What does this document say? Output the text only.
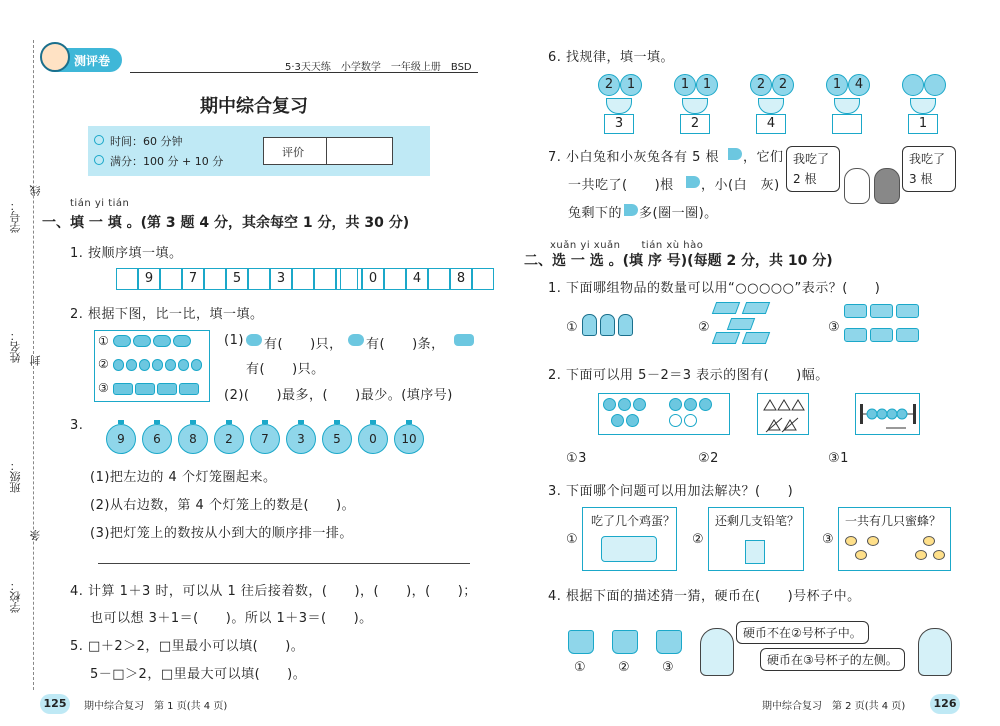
学号：
线
姓名： 封
班级：
条
学校：
测评卷	5·3天天练　小学数学　一年级上册　BSD
期中综合复习
时间：60 分钟
满分：100 分 + 10 分
评价
tián yi tián
一、填 一 填 。(第 3 题 4 分，其余每空 1 分，共 30 分)
1. 按顺序填一填。
9	7	5	3	0	4	8
2. 根据下图，比一比，填一填。
①
②
③
(1) 有(　　)只， 有(　　)条，
有(　　)只。
(2)(　　)最多，(　　)最少。(填序号)
3.
9	6	8	2	7	3	5	0	10
(1)把左边的 4 个灯笼圈起来。
(2)从右边数，第 4 个灯笼上的数是(　　)。
(3)把灯笼上的数按从小到大的顺序排一排。
4. 计算 1＋3 时，可以从 1 往后接着数，(　　)，(　　)，(　　)；
也可以想 3＋1＝(　　)。所以 1＋3＝(　　)。
5. □＋2＞2，□里最小可以填(　　)。
5－□＞2，□里最大可以填(　　)。
125	期中综合复习　第 1 页(共 4 页)
6. 找规律，填一填。
2	1
3
1	1
2
2	2
4
1	4
1
7. 小白兔和小灰兔各有 5 根 ，它们
一共吃了(　　)根 ，小(白　灰)
兔剩下的 多(圈一圈)。
我吃了
2 根
我吃了
3 根
xuǎn yi xuǎn　　tián xù hào
二、选 一 选 。(填 序 号)(每题 2 分，共 10 分)
1. 下面哪组物品的数量可以用“○○○○○”表示？(　　)
①	②	③
2. 下面可以用 5－2＝3 表示的图有(　　)幅。
①3	②2	③1
3. 下面哪个问题可以用加法解决？(　　)
①
吃了几个鸡蛋？
②
还剩几支铅笔？
③
一共有几只蜜蜂？
4. 根据下面的描述猜一猜，硬币在(　　)号杯子中。
① ② ③
硬币不在②号杯子中。
硬币在③号杯子的左侧。
期中综合复习　第 2 页(共 4 页)	126
